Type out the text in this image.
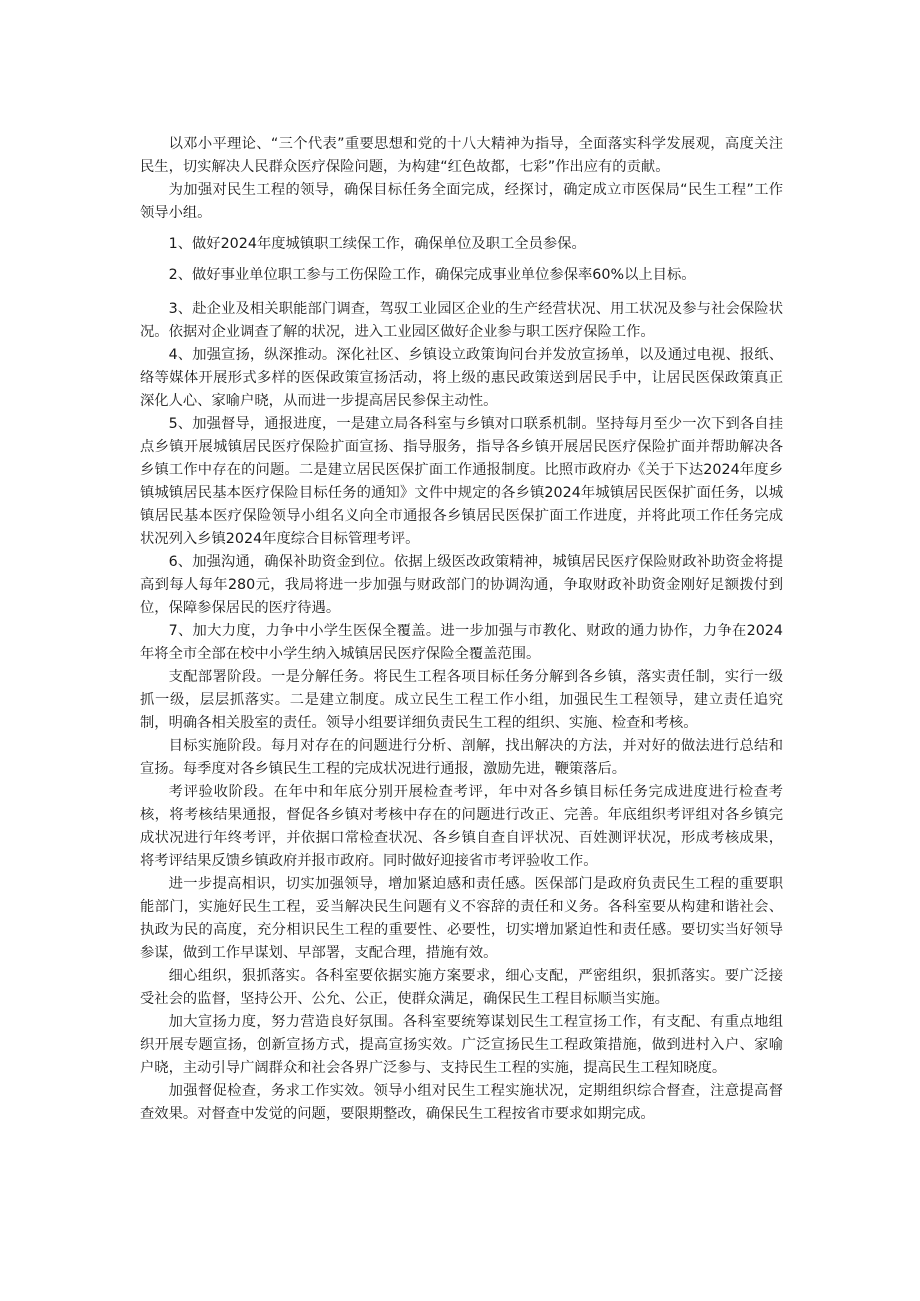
以邓小平理论、“三个代表”重要思想和党的十八大精神为指导，全面落实科学发展观，高度关注民生，切实解决人民群众医疗保险问题，为构建“红色故都，七彩”作出应有的贡献。

为加强对民生工程的领导，确保目标任务全面完成，经探讨，确定成立市医保局“民生工程”工作领导小组。

1、做好2024年度城镇职工续保工作，确保单位及职工全员参保。

2、做好事业单位职工参与工伤保险工作，确保完成事业单位参保率60%以上目标。

3、赴企业及相关职能部门调查，驾驭工业园区企业的生产经营状况、用工状况及参与社会保险状况。依据对企业调查了解的状况，进入工业园区做好企业参与职工医疗保险工作。

4、加强宣扬，纵深推动。深化社区、乡镇设立政策询问台并发放宣扬单，以及通过电视、报纸、络等媒体开展形式多样的医保政策宣扬活动，将上级的惠民政策送到居民手中，让居民医保政策真正深化人心、家喻户晓，从而进一步提高居民参保主动性。

5、加强督导，通报进度，一是建立局各科室与乡镇对口联系机制。坚持每月至少一次下到各自挂点乡镇开展城镇居民医疗保险扩面宣扬、指导服务，指导各乡镇开展居民医疗保险扩面并帮助解决各乡镇工作中存在的问题。二是建立居民医保扩面工作通报制度。比照市政府办《关于下达2024年度乡镇城镇居民基本医疗保险目标任务的通知》文件中规定的各乡镇2024年城镇居民医保扩面任务，以城镇居民基本医疗保险领导小组名义向全市通报各乡镇居民医保扩面工作进度，并将此项工作任务完成状况列入乡镇2024年度综合目标管理考评。

6、加强沟通，确保补助资金到位。依据上级医改政策精神，城镇居民医疗保险财政补助资金将提高到每人每年280元，我局将进一步加强与财政部门的协调沟通，争取财政补助资金刚好足额拨付到位，保障参保居民的医疗待遇。

7、加大力度，力争中小学生医保全覆盖。进一步加强与市教化、财政的通力协作，力争在2024年将全市全部在校中小学生纳入城镇居民医疗保险全覆盖范围。

支配部署阶段。一是分解任务。将民生工程各项目标任务分解到各乡镇，落实责任制，实行一级抓一级，层层抓落实。二是建立制度。成立民生工程工作小组，加强民生工程领导，建立责任追究制，明确各相关股室的责任。领导小组要详细负责民生工程的组织、实施、检查和考核。

目标实施阶段。每月对存在的问题进行分析、剖解，找出解决的方法，并对好的做法进行总结和宣扬。每季度对各乡镇民生工程的完成状况进行通报，激励先进，鞭策落后。

考评验收阶段。在年中和年底分别开展检查考评，年中对各乡镇目标任务完成进度进行检查考核，将考核结果通报，督促各乡镇对考核中存在的问题进行改正、完善。年底组织考评组对各乡镇完成状况进行年终考评，并依据口常检查状况、各乡镇自查自评状况、百姓测评状况，形成考核成果，将考评结果反馈乡镇政府并报市政府。同时做好迎接省市考评验收工作。

进一步提高相识，切实加强领导，增加紧迫感和责任感。医保部门是政府负责民生工程的重要职能部门，实施好民生工程，妥当解决民生问题有义不容辞的责任和义务。各科室要从构建和谐社会、执政为民的高度，充分相识民生工程的重要性、必要性，切实增加紧迫性和责任感。要切实当好领导参谋，做到工作早谋划、早部署，支配合理，措施有效。

细心组织，狠抓落实。各科室要依据实施方案要求，细心支配，严密组织，狠抓落实。要广泛接受社会的监督，坚持公开、公允、公正，使群众满足，确保民生工程目标顺当实施。

加大宣扬力度，努力营造良好氛围。各科室要统筹谋划民生工程宣扬工作，有支配、有重点地组织开展专题宣扬，创新宣扬方式，提高宣扬实效。广泛宣扬民生工程政策措施，做到进村入户、家喻户晓，主动引导广阔群众和社会各界广泛参与、支持民生工程的实施，提高民生工程知晓度。

加强督促检查，务求工作实效。领导小组对民生工程实施状况，定期组织综合督查，注意提高督查效果。对督查中发觉的问题，要限期整改，确保民生工程按省市要求如期完成。
